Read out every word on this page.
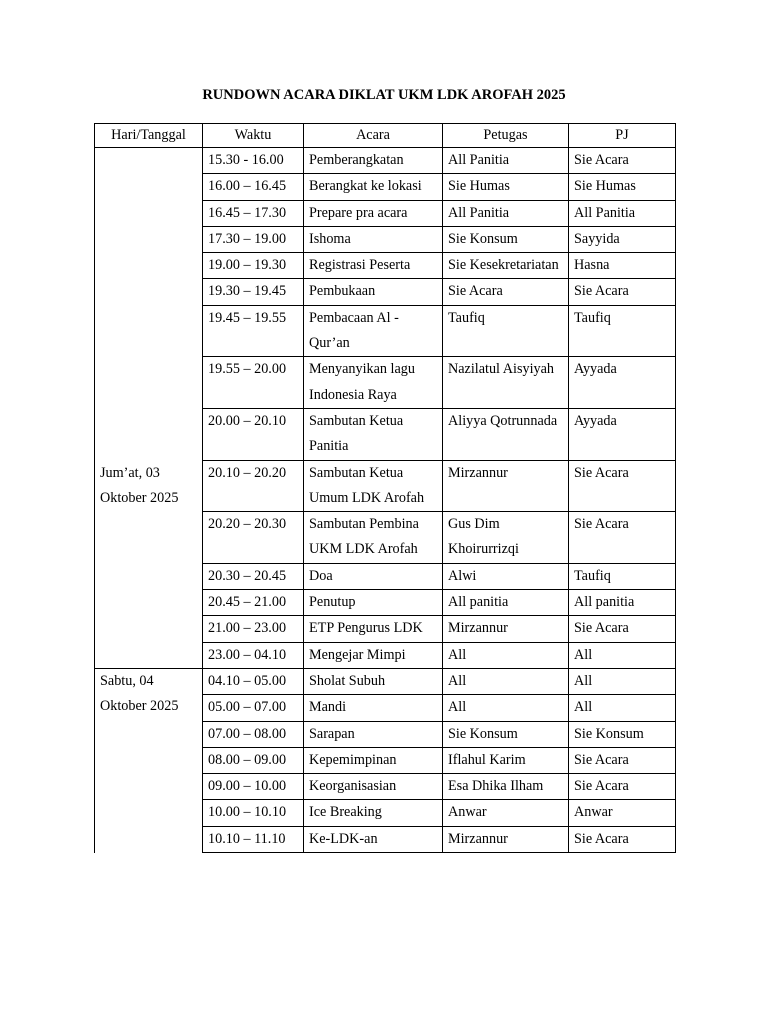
RUNDOWN ACARA DIKLAT UKM LDK AROFAH 2025
Hari/Tanggal	Waktu	Acara	Petugas	PJ

Jum’at, 03 Oktober 2025	15.30 - 16.00	Pemberangkatan	All Panitia	Sie Acara
	16.00 – 16.45	Berangkat ke lokasi	Sie Humas	Sie Humas
	16.45 – 17.30	Prepare pra acara	All Panitia	All Panitia
	17.30 – 19.00	Ishoma	Sie Konsum	Sayyida
	19.00 – 19.30	Registrasi Peserta	Sie Kesekretariatan	Hasna
	19.30 – 19.45	Pembukaan	Sie Acara	Sie Acara
	19.45 – 19.55	Pembacaan Al - Qur’an	Taufiq	Taufiq
	19.55 – 20.00	Menyanyikan lagu Indonesia Raya	Nazilatul Aisyiyah	Ayyada
	20.00 – 20.10	Sambutan Ketua Panitia	Aliyya Qotrunnada	Ayyada
	20.10 – 20.20	Sambutan Ketua Umum LDK Arofah	Mirzannur	Sie Acara
	20.20 – 20.30	Sambutan Pembina UKM LDK Arofah	Gus Dim Khoirurrizqi	Sie Acara
	20.30 – 20.45	Doa	Alwi	Taufiq
	20.45 – 21.00	Penutup	All panitia	All panitia
	21.00 – 23.00	ETP Pengurus LDK	Mirzannur	Sie Acara
	23.00 – 04.10	Mengejar Mimpi	All	All

Sabtu, 04 Oktober 2025	04.10 – 05.00	Sholat Subuh	All	All
	05.00 – 07.00	Mandi	All	All
	07.00 – 08.00	Sarapan	Sie Konsum	Sie Konsum
	08.00 – 09.00	Kepemimpinan	Iflahul Karim	Sie Acara
	09.00 – 10.00	Keorganisasian	Esa Dhika Ilham	Sie Acara
	10.00 – 10.10	Ice Breaking	Anwar	Anwar
	10.10 – 11.10	Ke-LDK-an	Mirzannur	Sie Acara
